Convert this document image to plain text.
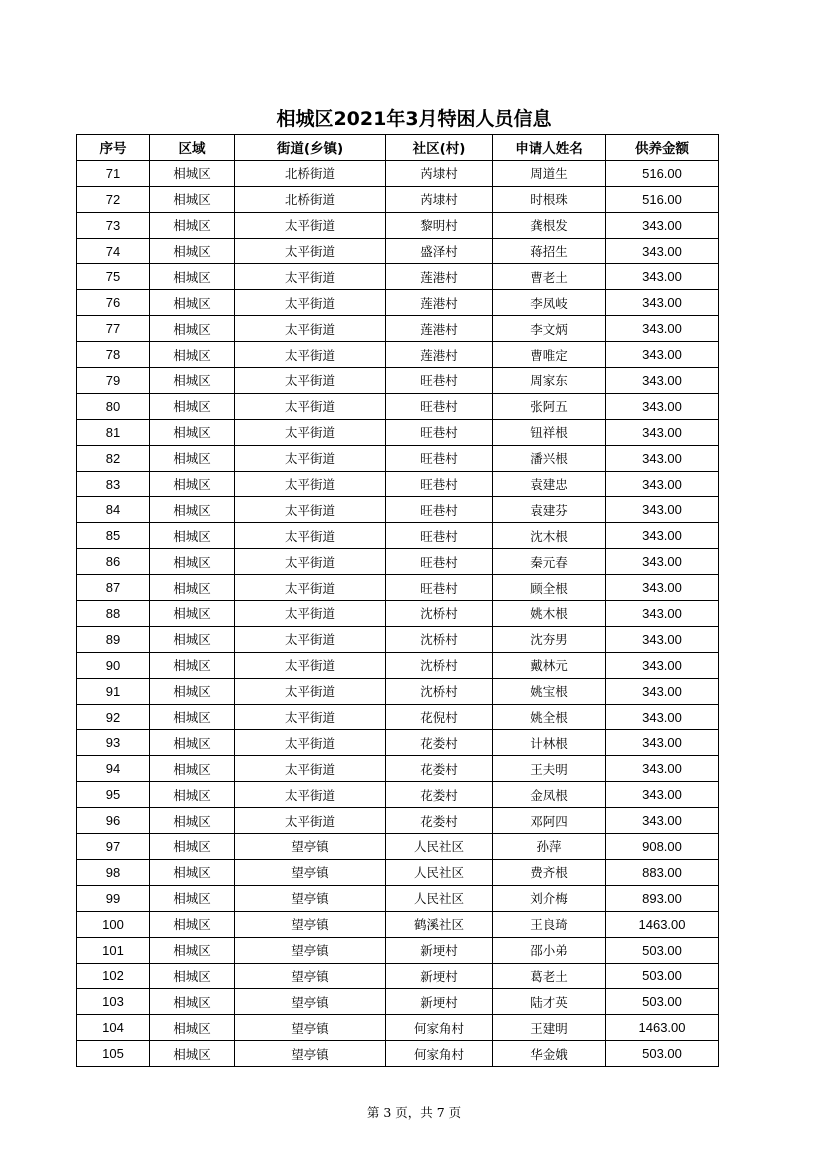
相城区2021年3月特困人员信息
序号	区域	街道(乡镇)	社区(村)	申请人姓名	供养金额
71	相城区	北桥街道	芮埭村	周道生	516.00
72	相城区	北桥街道	芮埭村	时根珠	516.00
73	相城区	太平街道	黎明村	龚根发	343.00
74	相城区	太平街道	盛泽村	蒋招生	343.00
75	相城区	太平街道	莲港村	曹老土	343.00
76	相城区	太平街道	莲港村	李凤岐	343.00
77	相城区	太平街道	莲港村	李文炳	343.00
78	相城区	太平街道	莲港村	曹唯定	343.00
79	相城区	太平街道	旺巷村	周家东	343.00
80	相城区	太平街道	旺巷村	张阿五	343.00
81	相城区	太平街道	旺巷村	钮祥根	343.00
82	相城区	太平街道	旺巷村	潘兴根	343.00
83	相城区	太平街道	旺巷村	袁建忠	343.00
84	相城区	太平街道	旺巷村	袁建芬	343.00
85	相城区	太平街道	旺巷村	沈木根	343.00
86	相城区	太平街道	旺巷村	秦元春	343.00
87	相城区	太平街道	旺巷村	顾全根	343.00
88	相城区	太平街道	沈桥村	姚木根	343.00
89	相城区	太平街道	沈桥村	沈夯男	343.00
90	相城区	太平街道	沈桥村	戴林元	343.00
91	相城区	太平街道	沈桥村	姚宝根	343.00
92	相城区	太平街道	花倪村	姚全根	343.00
93	相城区	太平街道	花娄村	计林根	343.00
94	相城区	太平街道	花娄村	王夫明	343.00
95	相城区	太平街道	花娄村	金凤根	343.00
96	相城区	太平街道	花娄村	邓阿四	343.00
97	相城区	望亭镇	人民社区	孙萍	908.00
98	相城区	望亭镇	人民社区	费齐根	883.00
99	相城区	望亭镇	人民社区	刘介梅	893.00
100	相城区	望亭镇	鹤溪社区	王良琦	1463.00
101	相城区	望亭镇	新埂村	邵小弟	503.00
102	相城区	望亭镇	新埂村	葛老土	503.00
103	相城区	望亭镇	新埂村	陆才英	503.00
104	相城区	望亭镇	何家角村	王建明	1463.00
105	相城区	望亭镇	何家角村	华金娥	503.00
第 3 页，共 7 页
